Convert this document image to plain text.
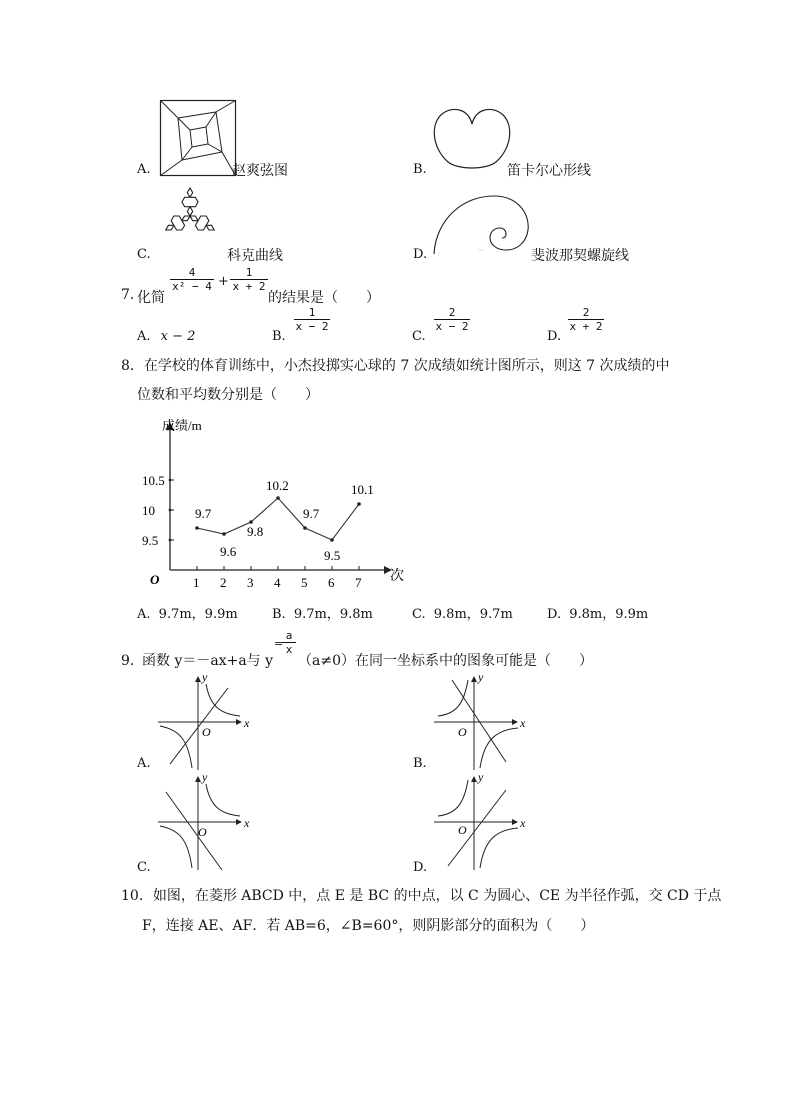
A.	赵爽弦图	B.	笛卡尔心形线
C.	科克曲线	D.	斐波那契螺旋线
7. 化简
$\frac{4}{\text{x² − 4}} + \frac{1}{x + 2}$
的结果是（　　）
A. x − 2	B.
$\frac{1}{x - 2}$
C.
$\frac{2}{x - 2}$
D.
$\frac{2}{x + 2}$
8．在学校的体育训练中，小杰投掷实心球的 7 次成绩如统计图所示，则这 7 次成绩的中
位数和平均数分别是（　　）
成绩/m
次
O
9.5
10
10.5
1 2 3 4 5 6 7
9.7
9.6
9.8
10.2
9.7
9.5
10.1
A. 9.7m，9.9m	B. 9.7m，9.8m	C. 9.8m，9.7m	D. 9.8m，9.9m
9．
函数 y＝－ax+a与 y
=
$\frac{a}{x}$
（a≠0）在同一坐标系中的图象可能是（　　）
x
y
O
A.
x
y
O
B.
x
y
O
C.
x
y
O
D.
10．如图，在菱形 ABCD 中，点 E 是 BC 的中点，以 C 为圆心、CE 为半径作弧，交 CD 于点
F，连接 AE、AF．若 AB=6，∠B=60°，则阴影部分的面积为（　　）
